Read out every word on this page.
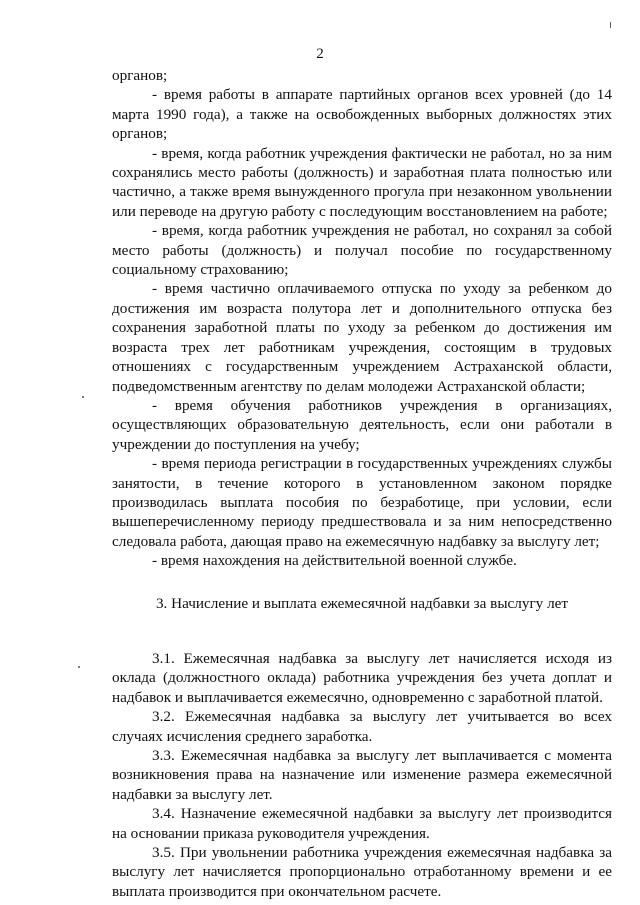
2

органов;

- время работы в аппарате партийных органов всех уровней (до 14 марта 1990 года), а также на освобожденных выборных должностях этих органов;

- время, когда работник учреждения фактически не работал, но за ним сохранялись место работы (должность) и заработная плата полностью или частично, а также время вынужденного прогула при незаконном увольнении или переводе на другую работу с последующим восстановлением на работе;

- время, когда работник учреждения не работал, но сохранял за собой место работы (должность) и получал пособие по государственному социальному страхованию;

- время частично оплачиваемого отпуска по уходу за ребенком до достижения им возраста полутора лет и дополнительного отпуска без сохранения заработной платы по уходу за ребенком до достижения им возраста трех лет работникам учреждения, состоящим в трудовых отношениях с государственным учреждением Астраханской области, подведомственным агентству по делам молодежи Астраханской области;

- время обучения работников учреждения в организациях, осуществляющих образовательную деятельность, если они работали в учреждении до поступления на учебу;

- время периода регистрации в государственных учреждениях службы занятости, в течение которого в установленном законом порядке производилась выплата пособия по безработице, при условии, если вышеперечисленному периоду предшествовала и за ним непосредственно следовала работа, дающая право на ежемесячную надбавку за выслугу лет;

- время нахождения на действительной военной службе.

3. Начисление и выплата ежемесячной надбавки за выслугу лет

3.1. Ежемесячная надбавка за выслугу лет начисляется исходя из оклада (должностного оклада) работника учреждения без учета доплат и надбавок и выплачивается ежемесячно, одновременно с заработной платой.

3.2. Ежемесячная надбавка за выслугу лет учитывается во всех случаях исчисления среднего заработка.

3.3. Ежемесячная надбавка за выслугу лет выплачивается с момента возникновения права на назначение или изменение размера ежемесячной надбавки за выслугу лет.

3.4. Назначение ежемесячной надбавки за выслугу лет производится на основании приказа руководителя учреждения.

3.5. При увольнении работника учреждения ежемесячная надбавка за выслугу лет начисляется пропорционально отработанному времени и ее выплата производится при окончательном расчете.
